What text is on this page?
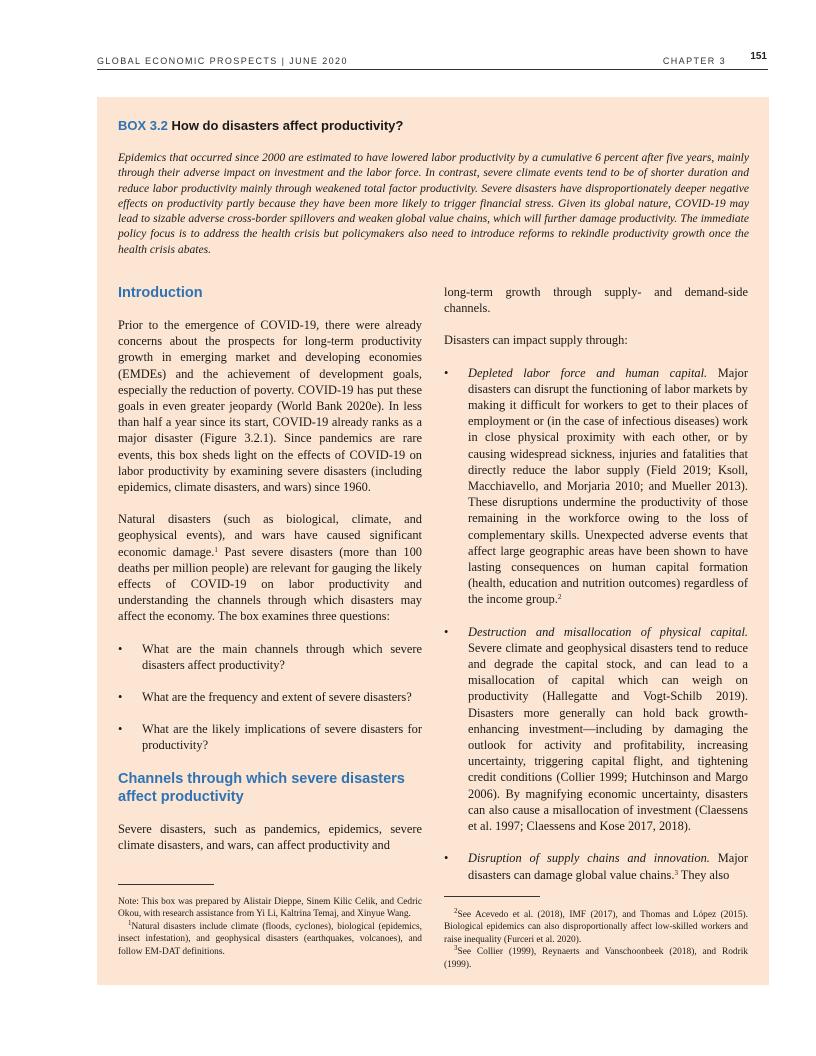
GLOBAL ECONOMIC PROSPECTS | JUNE 2020	CHAPTER 3 151
BOX 3.2 How do disasters affect productivity?

Epidemics that occurred since 2000 are estimated to have lowered labor productivity by a cumulative 6 percent after five years, mainly through their adverse impact on investment and the labor force. In contrast, severe climate events tend to be of shorter duration and reduce labor productivity mainly through weakened total factor productivity. Severe disasters have disproportionately deeper negative effects on productivity partly because they have been more likely to trigger financial stress. Given its global nature, COVID-19 may lead to sizable adverse cross-border spillovers and weaken global value chains, which will further damage productivity. The immediate policy focus is to address the health crisis but policymakers also need to introduce reforms to rekindle productivity growth once the health crisis abates.

Introduction

Prior to the emergence of COVID-19, there were already concerns about the prospects for long-term productivity growth in emerging market and developing economies (EMDEs) and the achievement of development goals, especially the reduction of poverty. COVID-19 has put these goals in even greater jeopardy (World Bank 2020e). In less than half a year since its start, COVID-19 already ranks as a major disaster (Figure 3.2.1). Since pandemics are rare events, this box sheds light on the effects of COVID-19 on labor productivity by examining severe disasters (including epidemics, climate disasters, and wars) since 1960.

Natural disasters (such as biological, climate, and geophysical events), and wars have caused significant economic damage.$^1$ Past severe disasters (more than 100 deaths per million people) are relevant for gauging the likely effects of COVID-19 on labor productivity and understanding the channels through which disasters may affect the economy. The box examines three questions:

• What are the main channels through which severe disasters affect productivity?
• What are the frequency and extent of severe disasters?
• What are the likely implications of severe disasters for productivity?
Channels through which severe disasters affect productivity

Severe disasters, such as pandemics, epidemics, severe climate disasters, and wars, can affect productivity and

long-term growth through supply- and demand-side channels.

Disasters can impact supply through:

• Depleted labor force and human capital. Major disasters can disrupt the functioning of labor markets by making it difficult for workers to get to their places of employment or (in the case of infectious diseases) work in close physical proximity with each other, or by causing widespread sickness, injuries and fatalities that directly reduce the labor supply (Field 2019; Ksoll, Macchiavello, and Morjaria 2010; and Mueller 2013). These disruptions undermine the productivity of those remaining in the workforce owing to the loss of complementary skills. Unexpected adverse events that affect large geographic areas have been shown to have lasting consequences on human capital formation (health, education and nutrition outcomes) regardless of the income group.$^2$
• Destruction and misallocation of physical capital. Severe climate and geophysical disasters tend to reduce and degrade the capital stock, and can lead to a misallocation of capital which can weigh on productivity (Hallegatte and Vogt-Schilb 2019). Disasters more generally can hold back growth-enhancing investment—including by damaging the outlook for activity and profitability, increasing uncertainty, triggering capital flight, and tightening credit conditions (Collier 1999; Hutchinson and Margo 2006). By magnifying economic uncertainty, disasters can also cause a misallocation of investment (Claessens et al. 1997; Claessens and Kose 2017, 2018).
• Disruption of supply chains and innovation. Major disasters can damage global value chains.$^3$ They also

Note: This box was prepared by Alistair Dieppe, Sinem Kilic Celik, and Cedric Okou, with research assistance from Yi Li, Kaltrina Temaj, and Xinyue Wang.

$^1$Natural disasters include climate (floods, cyclones), biological (epidemics, insect infestation), and geophysical disasters (earthquakes, volcanoes), and follow EM-DAT definitions.

$^2$See Acevedo et al. (2018), IMF (2017), and Thomas and López (2015). Biological epidemics can also disproportionally affect low-skilled workers and raise inequality (Furceri et al. 2020).

$^3$See Collier (1999), Reynaerts and Vanschoonbeek (2018), and Rodrik (1999).
